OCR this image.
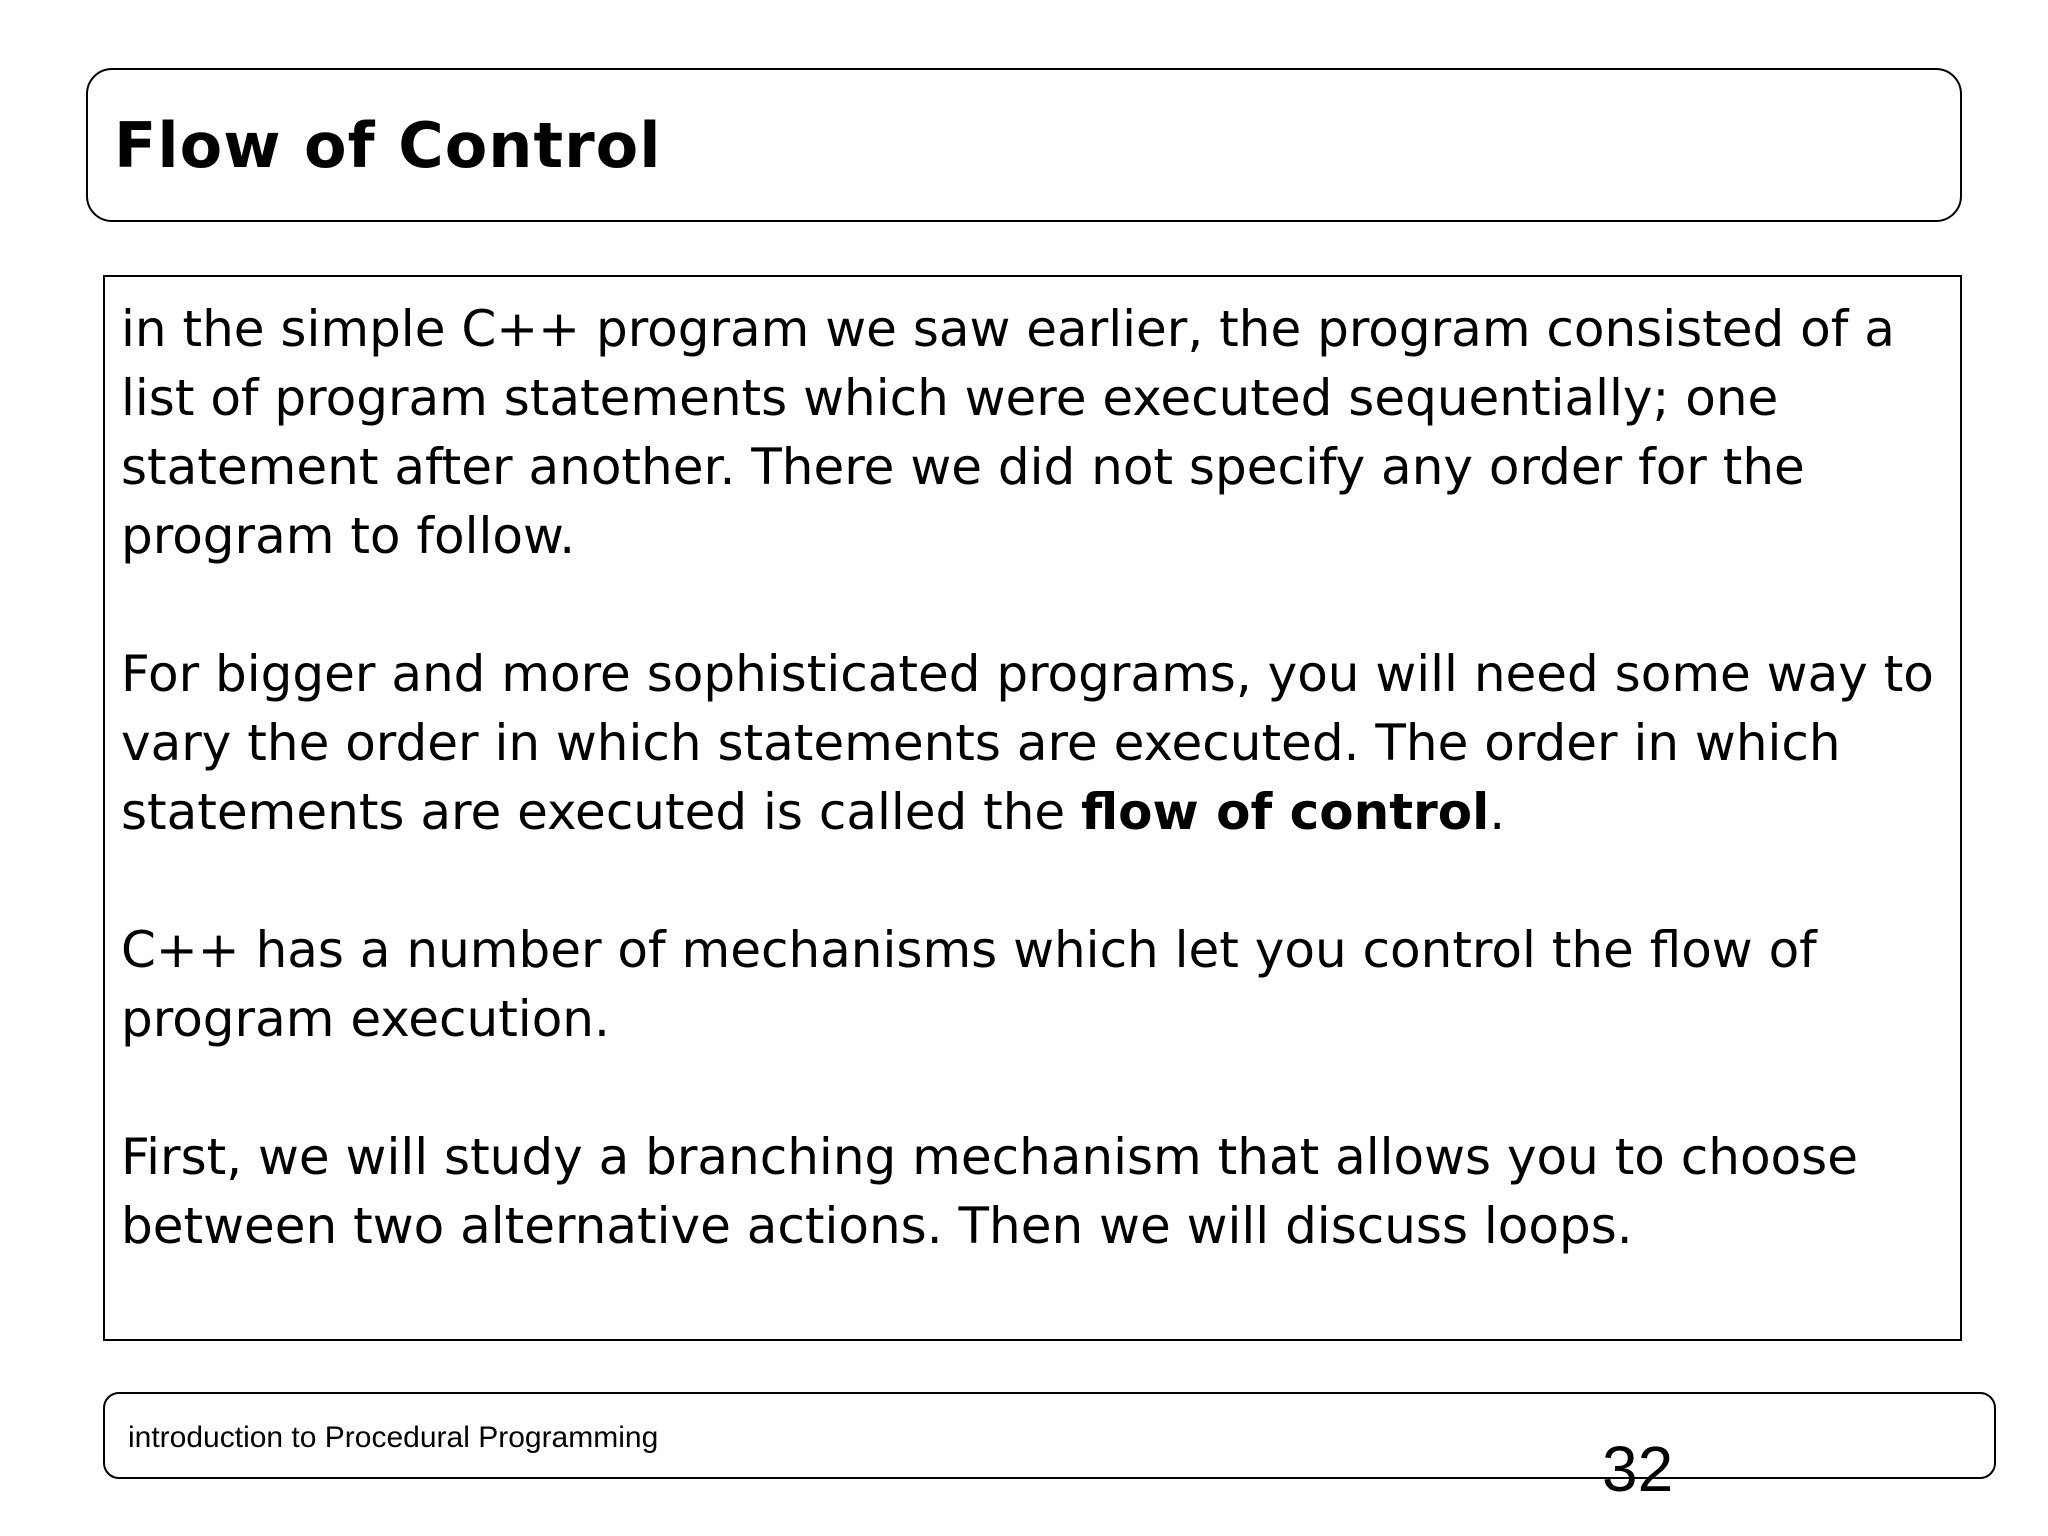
Flow of Control

in the simple C++ program we saw earlier, the program consisted of a list of program statements which were executed sequentially; one statement after another. There we did not specify any order for the program to follow.

For bigger and more sophisticated programs, you will need some way to vary the order in which statements are executed. The order in which statements are executed is called the flow of control.

C++ has a number of mechanisms which let you control the flow of program execution.

First, we will study a branching mechanism that allows you to choose between two alternative actions. Then we will discuss loops.

introduction to Procedural Programming	32
